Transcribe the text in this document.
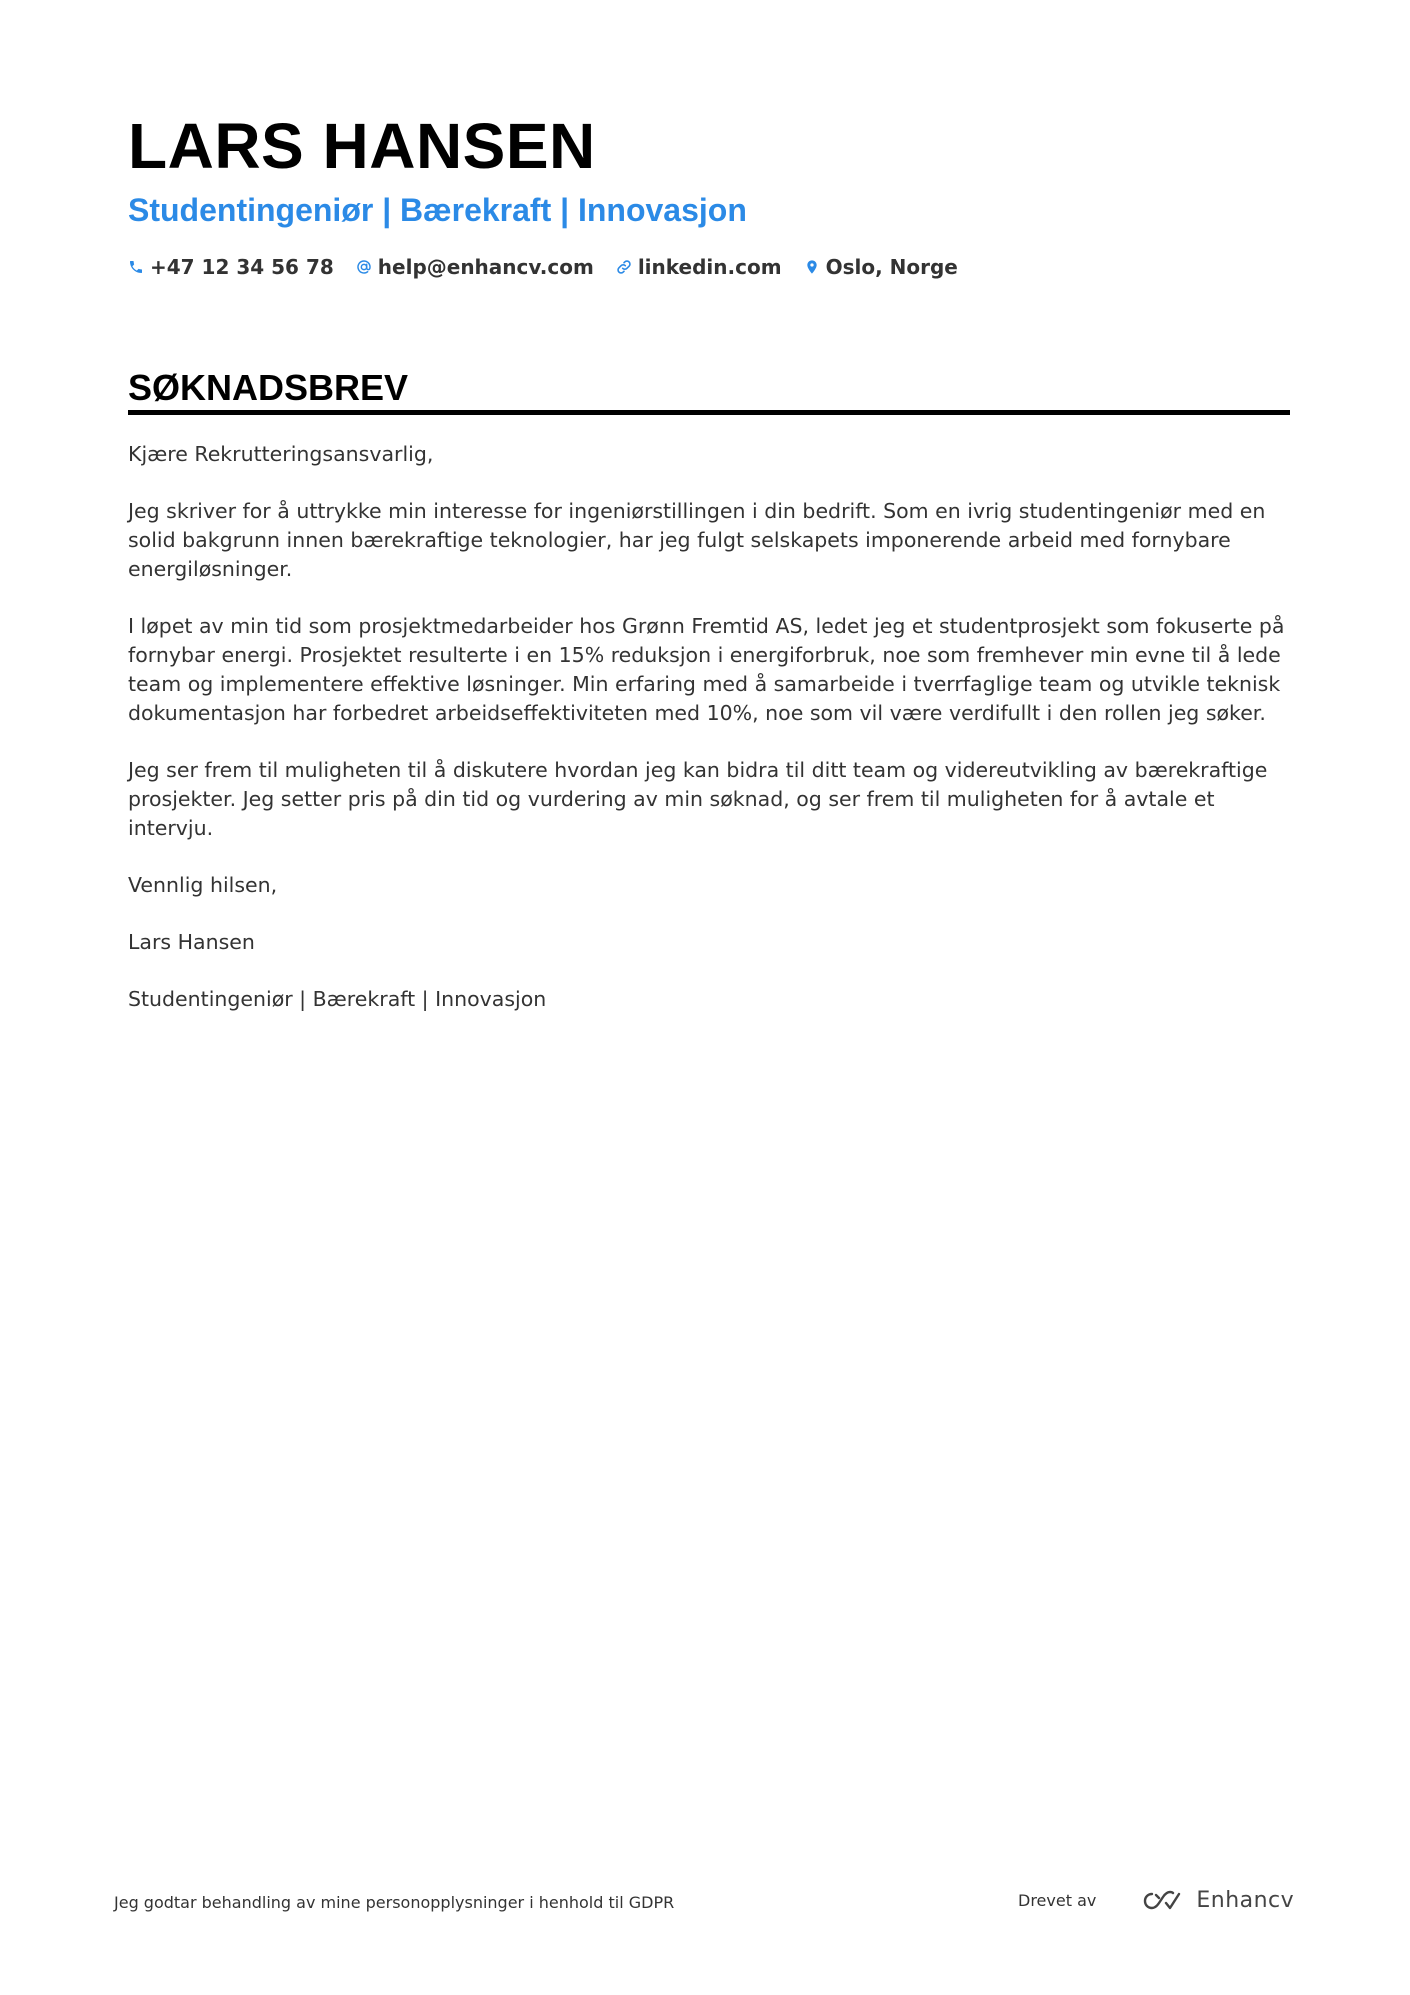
LARS HANSEN
Studentingeniør | Bærekraft | Innovasjon
+47 12 34 56 78 help@enhancv.com linkedin.com Oslo, Norge
SØKNADSBREV

Kjære Rekrutteringsansvarlig,

Jeg skriver for å uttrykke min interesse for ingeniørstillingen i din bedrift. Som en ivrig studentingeniør med en solid bakgrunn innen bærekraftige teknologier, har jeg fulgt selskapets imponerende arbeid med fornybare energiløsninger.

I løpet av min tid som prosjektmedarbeider hos Grønn Fremtid AS, ledet jeg et studentprosjekt som fokuserte på fornybar energi. Prosjektet resulterte i en 15% reduksjon i energiforbruk, noe som fremhever min evne til å lede team og implementere effektive løsninger. Min erfaring med å samarbeide i tverrfaglige team og utvikle teknisk dokumentasjon har forbedret arbeidseffektiviteten med 10%, noe som vil være verdifullt i den rollen jeg søker.

Jeg ser frem til muligheten til å diskutere hvordan jeg kan bidra til ditt team og videreutvikling av bærekraftige prosjekter. Jeg setter pris på din tid og vurdering av min søknad, og ser frem til muligheten for å avtale et intervju.

Vennlig hilsen,

Lars Hansen

Studentingeniør | Bærekraft | Innovasjon

Jeg godtar behandling av mine personopplysninger i henhold til GDPR	Drevet av	Enhancv
